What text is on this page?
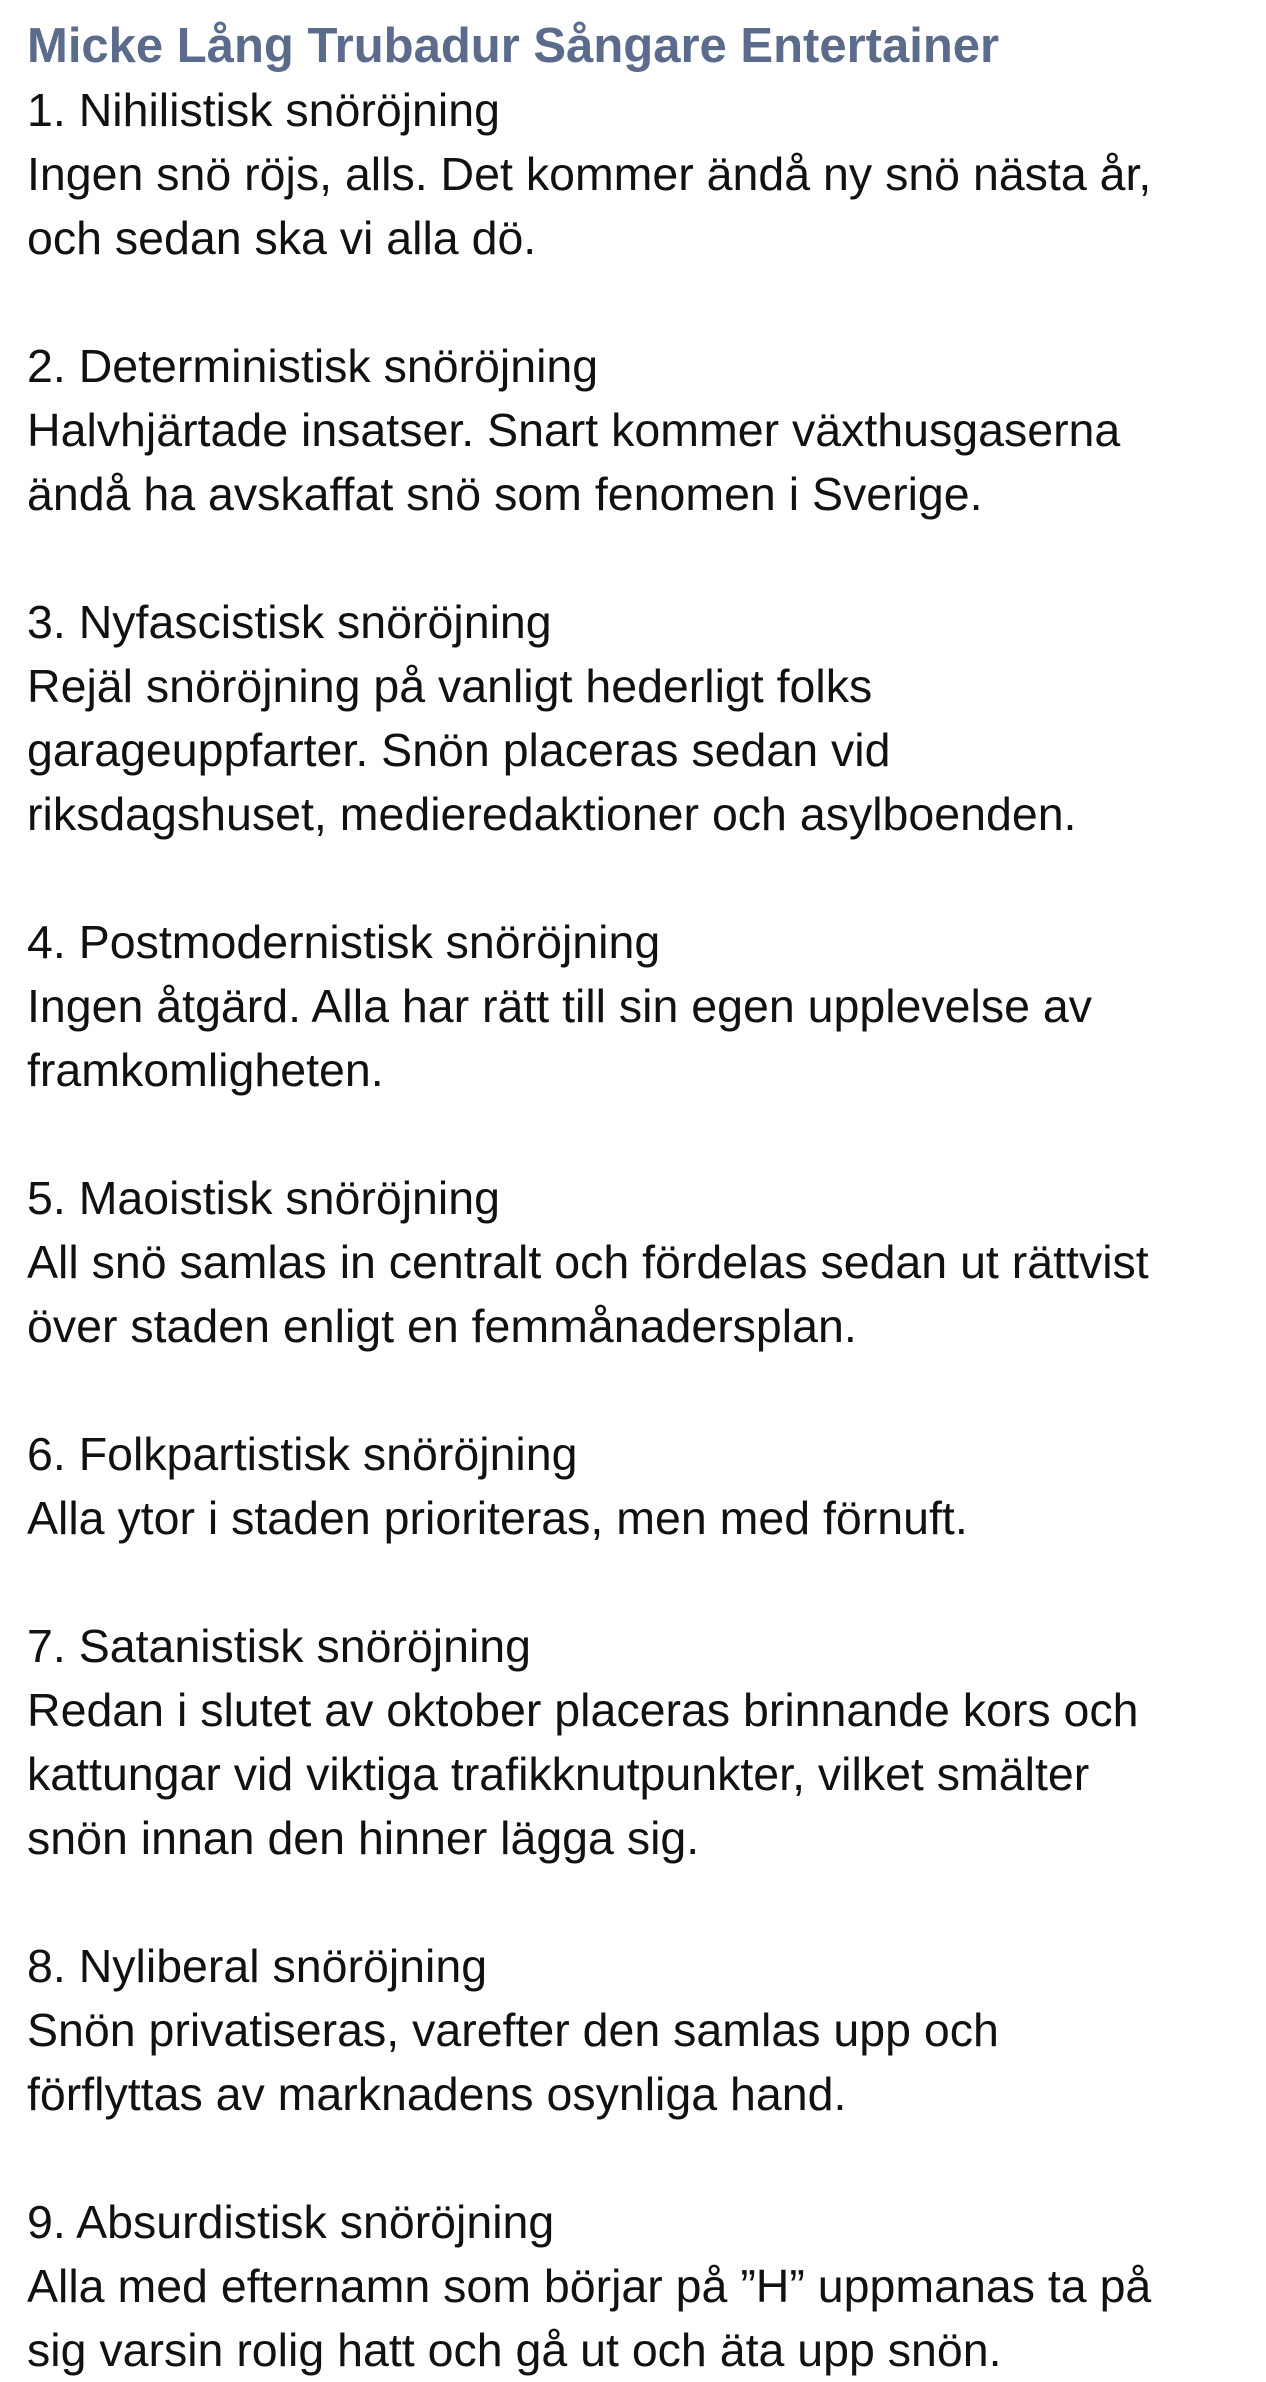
Micke Lång Trubadur Sångare Entertainer
1. Nihilistisk snöröjning
Ingen snö röjs, alls. Det kommer ändå ny snö nästa år,
och sedan ska vi alla dö.
2. Deterministisk snöröjning
Halvhjärtade insatser. Snart kommer växthusgaserna
ändå ha avskaffat snö som fenomen i Sverige.
3. Nyfascistisk snöröjning
Rejäl snöröjning på vanligt hederligt folks
garageuppfarter. Snön placeras sedan vid
riksdagshuset, medieredaktioner och asylboenden.
4. Postmodernistisk snöröjning
Ingen åtgärd. Alla har rätt till sin egen upplevelse av
framkomligheten.
5. Maoistisk snöröjning
All snö samlas in centralt och fördelas sedan ut rättvist
över staden enligt en femmånadersplan.
6. Folkpartistisk snöröjning
Alla ytor i staden prioriteras, men med förnuft.
7. Satanistisk snöröjning
Redan i slutet av oktober placeras brinnande kors och
kattungar vid viktiga trafikknutpunkter, vilket smälter
snön innan den hinner lägga sig.
8. Nyliberal snöröjning
Snön privatiseras, varefter den samlas upp och
förflyttas av marknadens osynliga hand.
9. Absurdistisk snöröjning
Alla med efternamn som börjar på ”H” uppmanas ta på
sig varsin rolig hatt och gå ut och äta upp snön.
